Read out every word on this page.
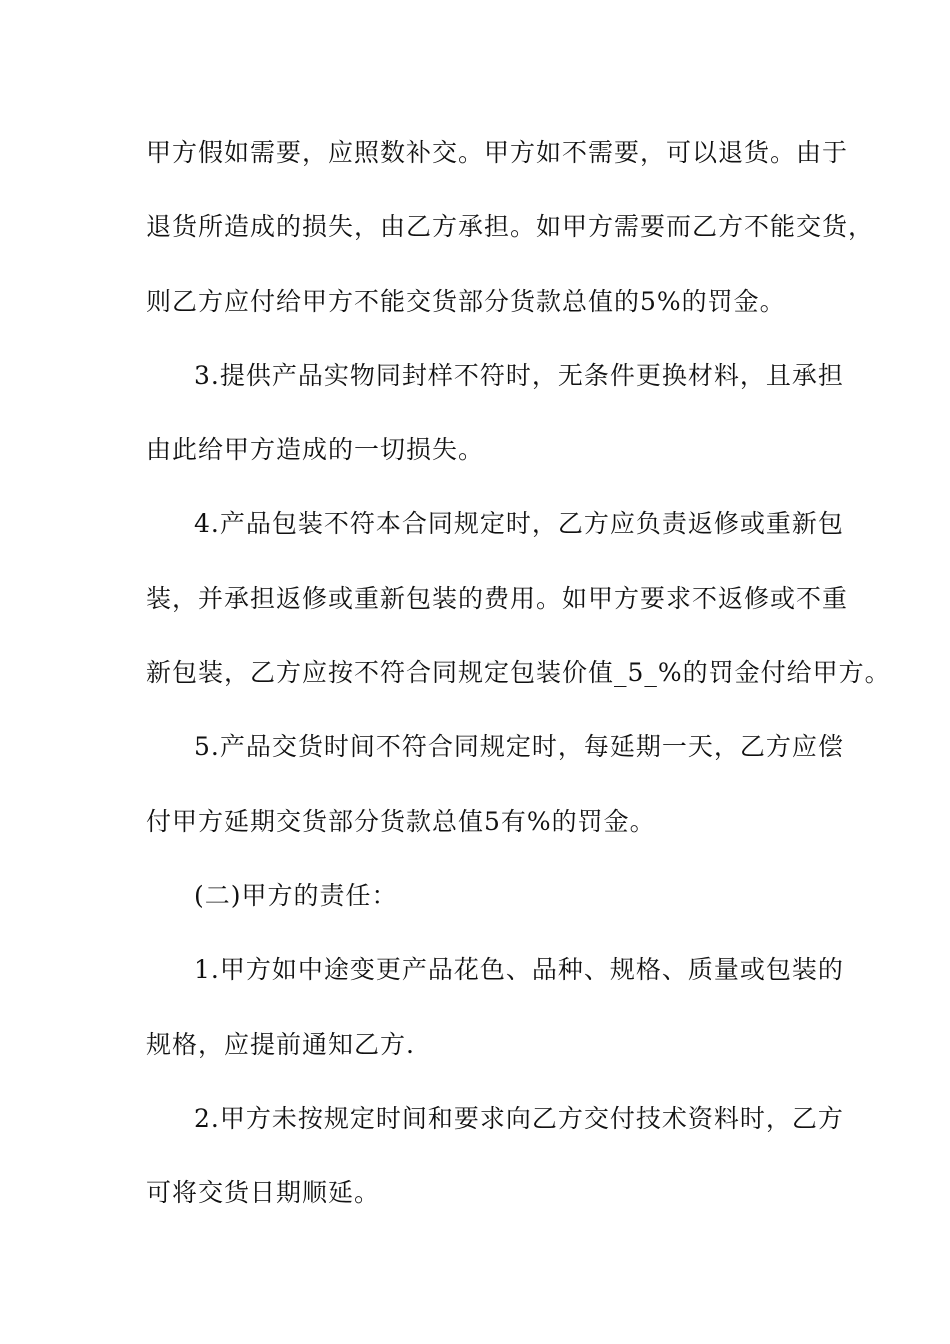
甲方假如需要，应照数补交。甲方如不需要，可以退货。由于
退货所造成的损失，由乙方承担。如甲方需要而乙方不能交货，
则乙方应付给甲方不能交货部分货款总值的5%的罚金。
3.提供产品实物同封样不符时，无条件更换材料，且承担
由此给甲方造成的一切损失。
4.产品包装不符本合同规定时，乙方应负责返修或重新包
装，并承担返修或重新包装的费用。如甲方要求不返修或不重
新包装，乙方应按不符合同规定包装价值_5_%的罚金付给甲方。
5.产品交货时间不符合同规定时，每延期一天，乙方应偿
付甲方延期交货部分货款总值5有%的罚金。
(二)甲方的责任：
1.甲方如中途变更产品花色、品种、规格、质量或包装的
规格，应提前通知乙方.
2.甲方未按规定时间和要求向乙方交付技术资料时，乙方
可将交货日期顺延。
